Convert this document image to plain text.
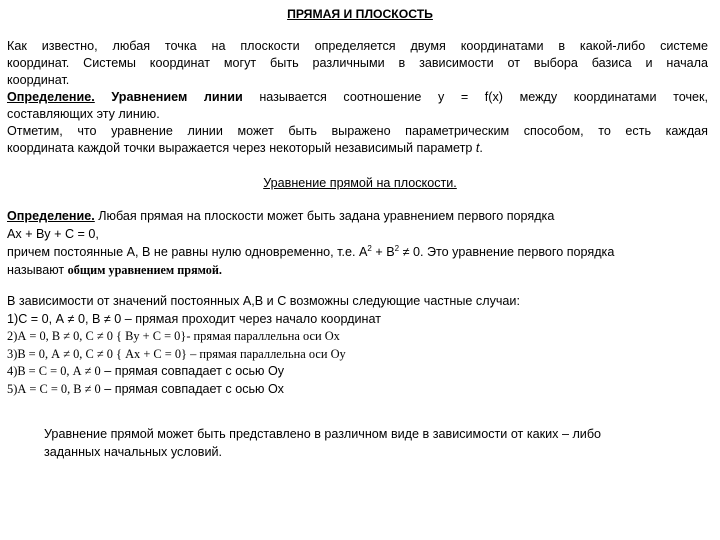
ПРЯМАЯ И ПЛОСКОСТЬ
Как известно, любая точка на плоскости определяется двумя координатами в какой-либо системе
координат. Системы координат могут быть различными в зависимости от выбора базиса и начала
координат.
Определение. Уравнением линии называется соотношение y = f(x) между координатами точек,
составляющих эту линию.
Отметим, что уравнение линии может быть выражено параметрическим способом, то есть каждая
координата каждой точки выражается через некоторый независимый параметр t.
Уравнение прямой на плоскости.
Определение. Любая прямая на плоскости может быть задана уравнением первого порядка
Ах + Ву + С = 0,
причем постоянные А, В не равны нулю одновременно, т.е. $А^2 + В^2 \ne 0$. Это уравнение первого порядка
называют общим уравнением прямой.
В зависимости от значений постоянных А,В и С возможны следующие частные случаи:
1)C = 0, А ≠ 0, В ≠ 0 – прямая проходит через начало координат
2)А = 0, В ≠ 0, С ≠ 0 { By + C = 0}- прямая параллельна оси Ох
3)В = 0, А ≠ 0, С ≠ 0 { Ax + C = 0} – прямая параллельна оси Оу
4)В = С = 0, А ≠ 0 – прямая совпадает с осью Оу
5)А = С = 0, В ≠ 0 – прямая совпадает с осью Ох
Уравнение прямой может быть представлено в различном виде в зависимости от каких – либо
заданных начальных условий.
